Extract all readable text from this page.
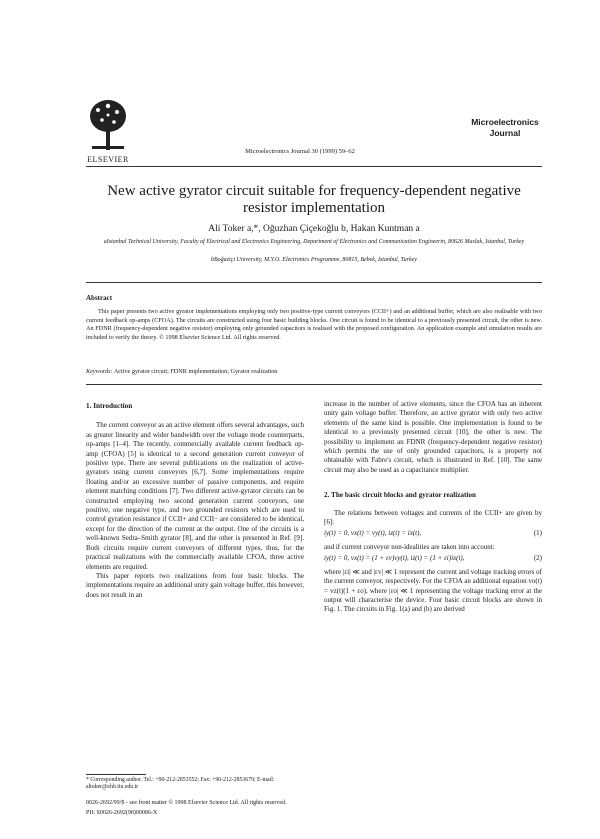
ELSEVIER
Microelectronics
Journal
Microelectronics Journal 30 (1999) 59–62
New active gyrator circuit suitable for frequency-dependent negative
resistor implementation
Ali Toker a,*, Oğuzhan Çiçekoğlu b, Hakan Kuntman a
aIstanbul Technical University, Faculty of Electrical and Electronics Engineering, Department of Electronics and Communication Engineerin, 80626 Maslak, Istanbul, Turkey
bBoğaziçi University, M.Y.O. Electronics Programme, 80815, Bebek, Istanbul, Turkey
Abstract
This paper presents two active gyrator implementations employing only two positive-type current conveyors (CCII+) and an additional buffer, which are also realisable with two current feedback op-amps (CFOA). The circuits are constructed using four basic building blocks. One circuit is found to be identical to a previously presented circuit, the other is new. An FDNR (frequency-dependent negative resistor) employing only grounded capacitors is realised with the proposed configuration. An application example and simulation results are included to verify the theory. © 1998 Elsevier Science Ltd. All rights reserved.
Keywords: Active gyrator circuit; FDNR implementation; Gyrator realization
1. Introduction

The current conveyor as an active element offers several advantages, such as greater linearity and wider bandwidth over the voltage mode counterparts, op-amps [1–4]. The recently, commercially available current feedback op-amp (CFOA) [5] is identical to a second generation current conveyor of positive type. There are several publications on the realization of active-gyrators using current conveyors [6,7]. Some implementations require floating and/or an excessive number of passive components, and require element matching conditions [7]. Two different active-gyrator circuits can be constructed employing two second generation current conveyors, one positive, one negative type, and two grounded resistors which are used to control gyration resistance if CCII+ and CCII− are considered to be identical, except for the direction of the current at the output. One of the circuits is a well-known Sedra–Smith gyrator [8], and the other is presented in Ref. [9]. Both circuits require current conveyors of different types, thus, for the practical realizations with the commercially available CFOA, three active elements are required.

This paper reports two realizations from four basic blocks. The implementations require an additional unity gain voltage buffer, this however, does not result in an

increase in the number of active elements, since the CFOA has an inherent unity gain voltage buffer. Therefore, an active gyrator with only two active elements of the same kind is possible. One implementation is found to be identical to a previously presented circuit [10], the other is new. The possibility to implement an FDNR (frequency-dependent negative resistor) which permits the use of only grounded capacitors, is a property not obtainable with Fabre's circuit, which is illustrated in Ref. [10]. The same circuit may also be used as a capacitance multiplier.

2. The basic circuit blocks and gyrator realization

The relations between voltages and currents of the CCII+ are given by [6]:

iy(t) = 0, vx(t) = vy(t), iz(t) = ix(t),	(1)

and if current conveyor non-idealities are taken into account:

iy(t) = 0, vx(t) = (1 + εv)vy(t), iz(t) = (1 + εi)ix(t),	(2)

where |εi| ≪ and |εv| ≪ 1 represent the current and voltage tracking errors of the current conveyor, respectively. For the CFOA an additional equation vo(t) = vz(t)(1 + εo), where |εo| ≪ 1 representing the voltage tracking error at the output will characterise the device. Four basic circuit blocks are shown in Fig. 1. The circuits in Fig. 1(a) and (b) are derived

* Corresponding author. Tel.: +90-212-2853552; Fax: +90-212-2853679; E-mail: altoker@ehb.itu.edu.tr
0026-2692/99/$ - see front matter © 1998 Elsevier Science Ltd. All rights reserved.
PII: S0026-2692(98)00086-X
